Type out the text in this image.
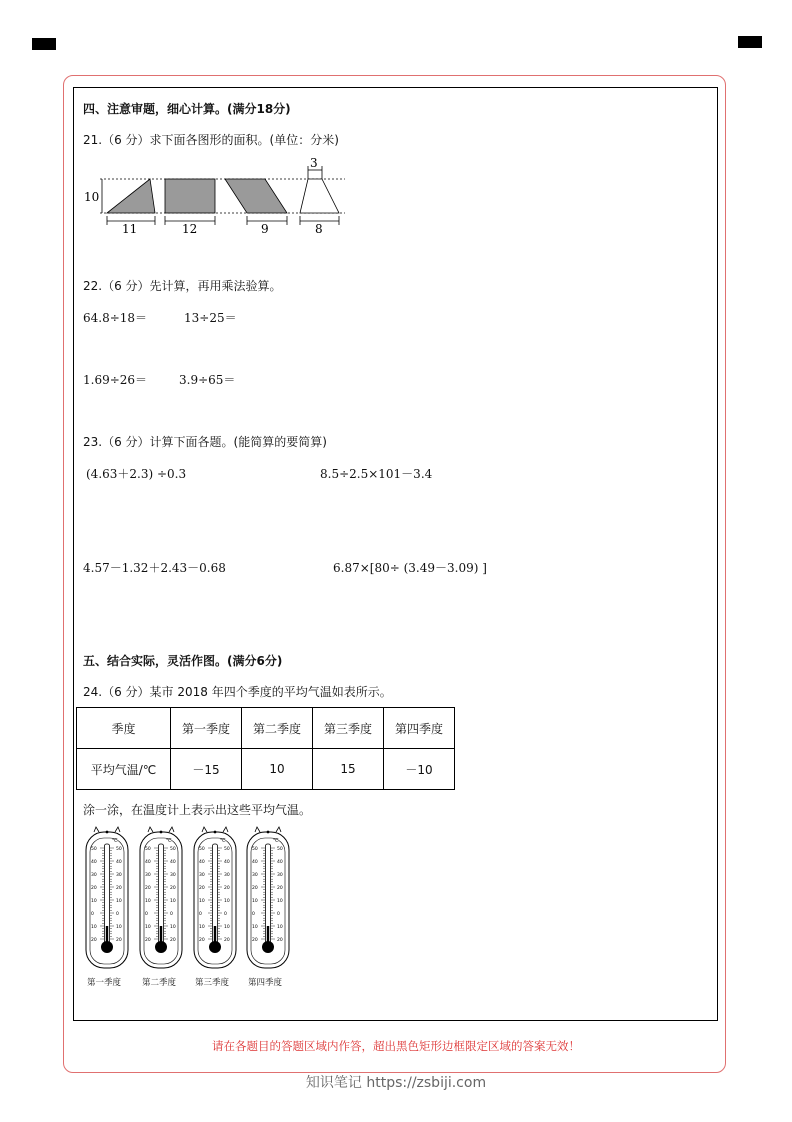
四、注意审题，细心计算。(满分18分)
21.（6 分）求下面各图形的面积。(单位：分米)
10
11	12	9
3
8
22.（6 分）先计算，再用乘法验算。
64.8÷18＝	13÷25＝
1.69÷26＝	3.9÷65＝
23.（6 分）计算下面各题。(能简算的要简算)
(4.63＋2.3) ÷0.3	8.5÷2.5×101－3.4
4.57－1.32＋2.43－0.68	6.87×[80÷ (3.49－3.09) ]
五、结合实际，灵活作图。(满分6分)
24.（6 分）某市 2018 年四个季度的平均气温如表所示。
季度	第一季度	第二季度	第三季度	第四季度
平均气温/℃	－15	10	15	－10
涂一涂，在温度计上表示出这些平均气温。
50	50
40	40
30	30
20	20
10	10
0	0
10	10
20	20
℃
50	50
40	40
30	30
20	20
10	10
0	0
10	10
20	20
℃
50	50
40	40
30	30
20	20
10	10
0	0
10	10
20	20
℃
50	50
40	40
30	30
20	20
10	10
0	0
10	10
20	20
℃
第一季度 第二季度 第三季度 第四季度
请在各题目的答题区域内作答，超出黑色矩形边框限定区域的答案无效！
知识笔记 https://zsbiji.com
